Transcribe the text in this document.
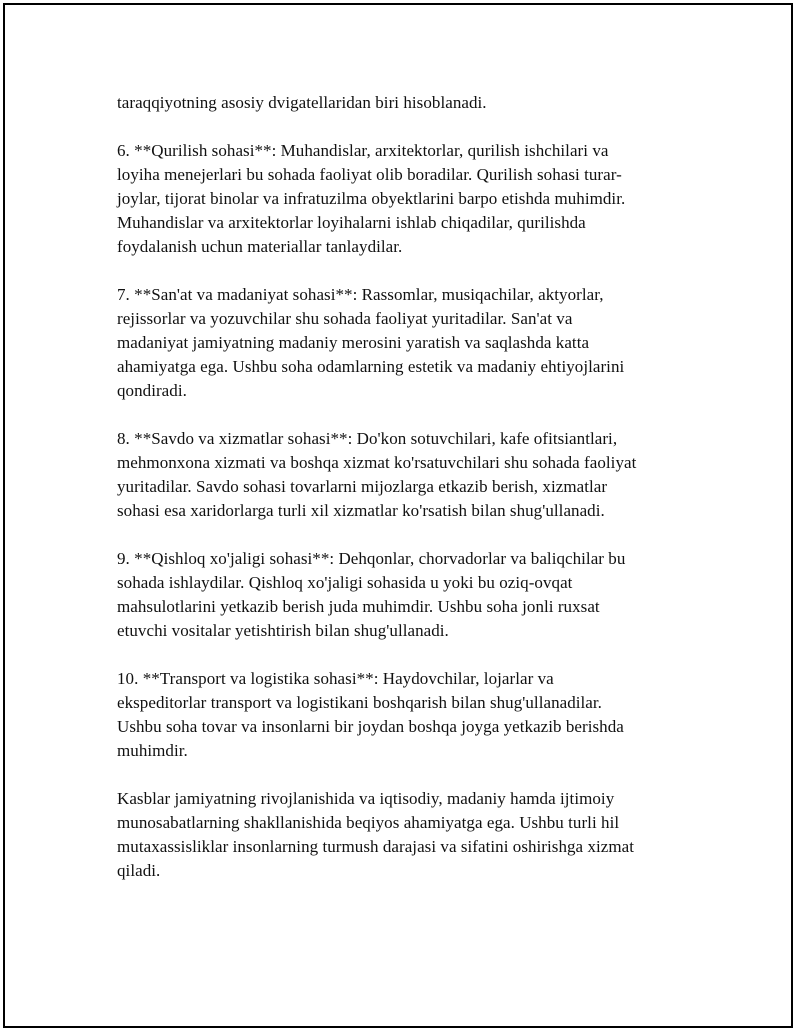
taraqqiyotning asosiy dvigatellaridan biri hisoblanadi.

6. **Qurilish sohasi**: Muhandislar, arxitektorlar, qurilish ishchilari va
loyiha menejerlari bu sohada faoliyat olib boradilar. Qurilish sohasi turar-
joylar, tijorat binolar va infratuzilma obyektlarini barpo etishda muhimdir.
Muhandislar va arxitektorlar loyihalarni ishlab chiqadilar, qurilishda
foydalanish uchun materiallar tanlaydilar.

7. **San'at va madaniyat sohasi**: Rassomlar, musiqachilar, aktyorlar,
rejissorlar va yozuvchilar shu sohada faoliyat yuritadilar. San'at va
madaniyat jamiyatning madaniy merosini yaratish va saqlashda katta
ahamiyatga ega. Ushbu soha odamlarning estetik va madaniy ehtiyojlarini
qondiradi.

8. **Savdo va xizmatlar sohasi**: Do'kon sotuvchilari, kafe ofitsiantlari,
mehmonxona xizmati va boshqa xizmat ko'rsatuvchilari shu sohada faoliyat
yuritadilar. Savdo sohasi tovarlarni mijozlarga etkazib berish, xizmatlar
sohasi esa xaridorlarga turli xil xizmatlar ko'rsatish bilan shug'ullanadi.

9. **Qishloq xo'jaligi sohasi**: Dehqonlar, chorvadorlar va baliqchilar bu
sohada ishlaydilar. Qishloq xo'jaligi sohasida u yoki bu oziq-ovqat
mahsulotlarini yetkazib berish juda muhimdir. Ushbu soha jonli ruxsat
etuvchi vositalar yetishtirish bilan shug'ullanadi.

10. **Transport va logistika sohasi**: Haydovchilar, lojarlar va
ekspeditorlar transport va logistikani boshqarish bilan shug'ullanadilar.
Ushbu soha tovar va insonlarni bir joydan boshqa joyga yetkazib berishda
muhimdir.

Kasblar jamiyatning rivojlanishida va iqtisodiy, madaniy hamda ijtimoiy
munosabatlarning shakllanishida beqiyos ahamiyatga ega. Ushbu turli hil
mutaxassisliklar insonlarning turmush darajasi va sifatini oshirishga xizmat
qiladi.
